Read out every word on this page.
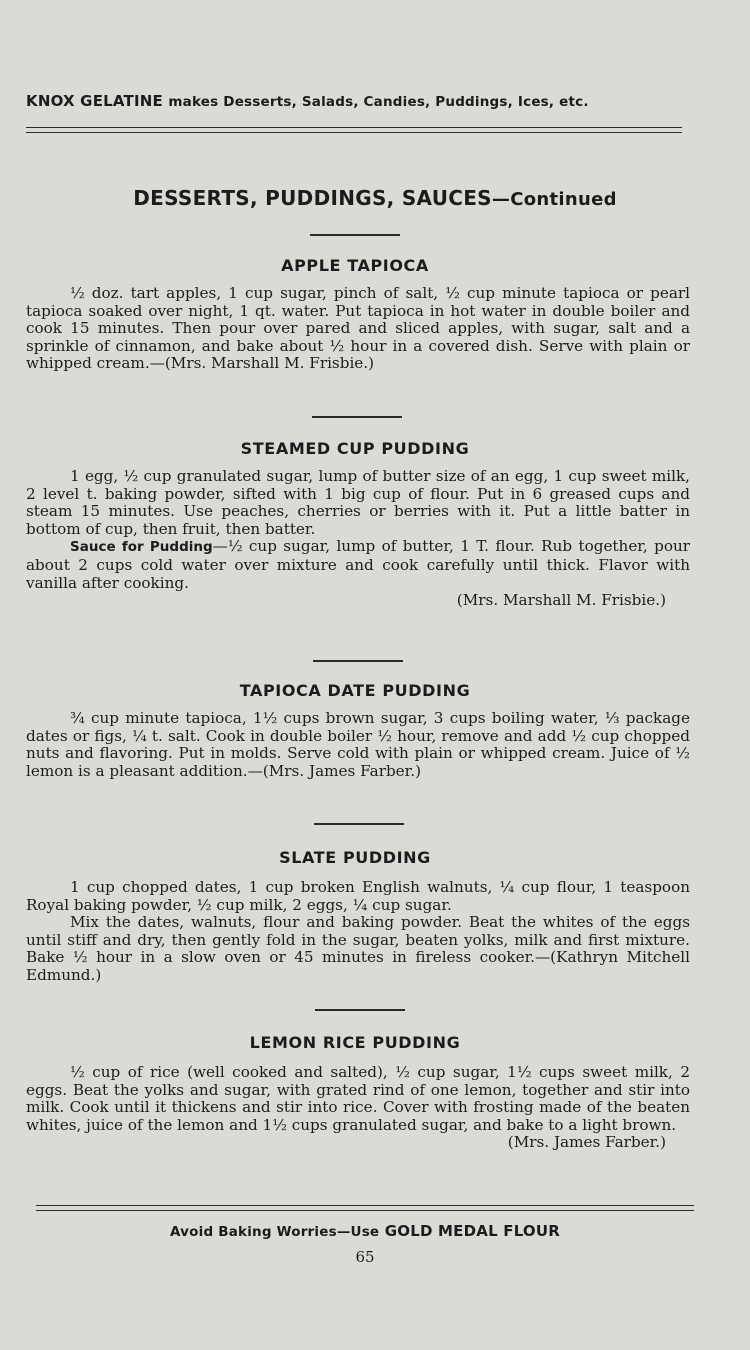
KNOX GELATINE makes Desserts, Salads, Candies, Puddings, Ices, etc.
DESSERTS, PUDDINGS, SAUCES—Continued
APPLE TAPIOCA

½ doz. tart apples, 1 cup sugar, pinch of salt, ½ cup minute tapioca or pearl tapioca soaked over night, 1 qt. water. Put tapioca in hot water in double boiler and cook 15 minutes. Then pour over pared and sliced apples, with sugar, salt and a sprinkle of cinnamon, and bake about ½ hour in a covered dish. Serve with plain or whipped cream.—(Mrs. Marshall M. Frisbie.)

STEAMED CUP PUDDING

1 egg, ½ cup granulated sugar, lump of butter size of an egg, 1 cup sweet milk, 2 level t. baking powder, sifted with 1 big cup of flour. Put in 6 greased cups and steam 15 minutes. Use peaches, cherries or berries with it. Put a little batter in bottom of cup, then fruit, then batter.

Sauce for Pudding—½ cup sugar, lump of butter, 1 T. flour. Rub together, pour about 2 cups cold water over mixture and cook carefully until thick. Flavor with vanilla after cooking.

(Mrs. Marshall M. Frisbie.)

TAPIOCA DATE PUDDING

¾ cup minute tapioca, 1½ cups brown sugar, 3 cups boiling water, ⅓ package dates or figs, ¼ t. salt. Cook in double boiler ½ hour, remove and add ½ cup chopped nuts and flavoring. Put in molds. Serve cold with plain or whipped cream. Juice of ½ lemon is a pleasant addition.—(Mrs. James Farber.)

SLATE PUDDING

1 cup chopped dates, 1 cup broken English walnuts, ¼ cup flour, 1 teaspoon Royal baking powder, ½ cup milk, 2 eggs, ¼ cup sugar.

Mix the dates, walnuts, flour and baking powder. Beat the whites of the eggs until stiff and dry, then gently fold in the sugar, beaten yolks, milk and first mixture. Bake ½ hour in a slow oven or 45 minutes in fireless cooker.—(Kathryn Mitchell Edmund.)

LEMON RICE PUDDING

½ cup of rice (well cooked and salted), ½ cup sugar, 1½ cups sweet milk, 2 eggs. Beat the yolks and sugar, with grated rind of one lemon, together and stir into milk. Cook until it thickens and stir into rice. Cover with frosting made of the beaten whites, juice of the lemon and 1½ cups granulated sugar, and bake to a light brown.

(Mrs. James Farber.)

Avoid Baking Worries—Use GOLD MEDAL FLOUR
65
